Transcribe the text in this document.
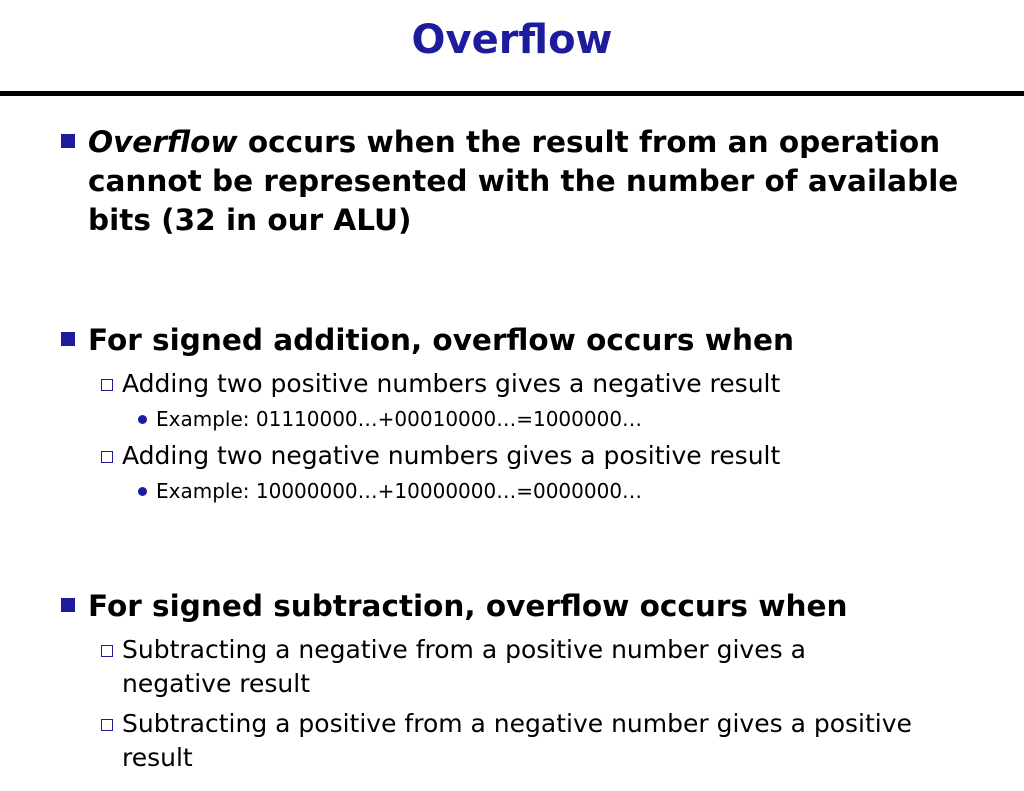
Overflow
Overflow occurs when the result from an operation cannot be represented with the number of available bits (32 in our ALU)
For signed addition, overflow occurs when
Adding two positive numbers gives a negative result
Example: 01110000…+00010000…=1000000…
Adding two negative numbers gives a positive result
Example: 10000000…+10000000…=0000000…
For signed subtraction, overflow occurs when
Subtracting a negative from a positive number gives a negative result
Subtracting a positive from a negative number gives a positive result
